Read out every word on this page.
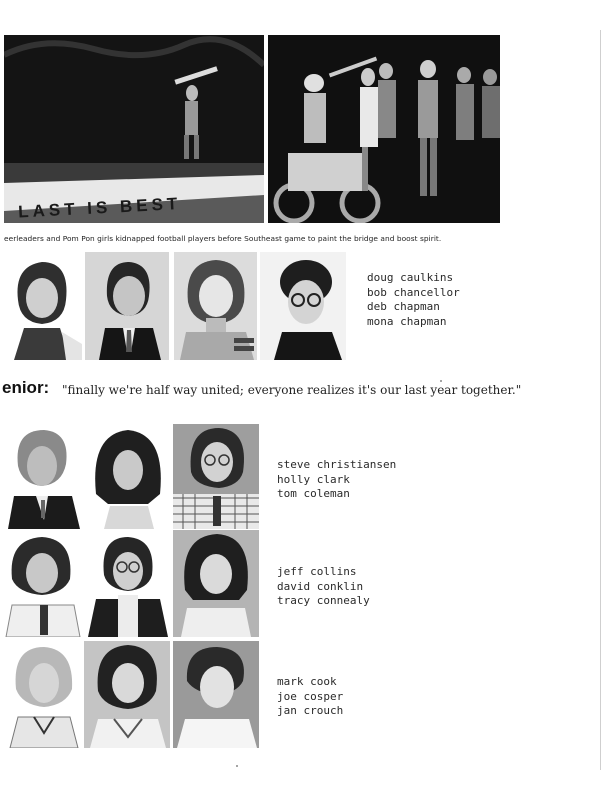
LAST IS BEST
eerleaders and Pom Pon girls kidnapped football players before Southeast game to paint the bridge and boost spirit.
doug caulkins
bob chancellor
deb chapman
mona chapman
enior: "finally we're half way united; everyone realizes it's our last year together."
steve christiansen
holly clark
tom coleman
jeff collins
david conklin
tracy connealy
mark cook
joe cosper
jan crouch
